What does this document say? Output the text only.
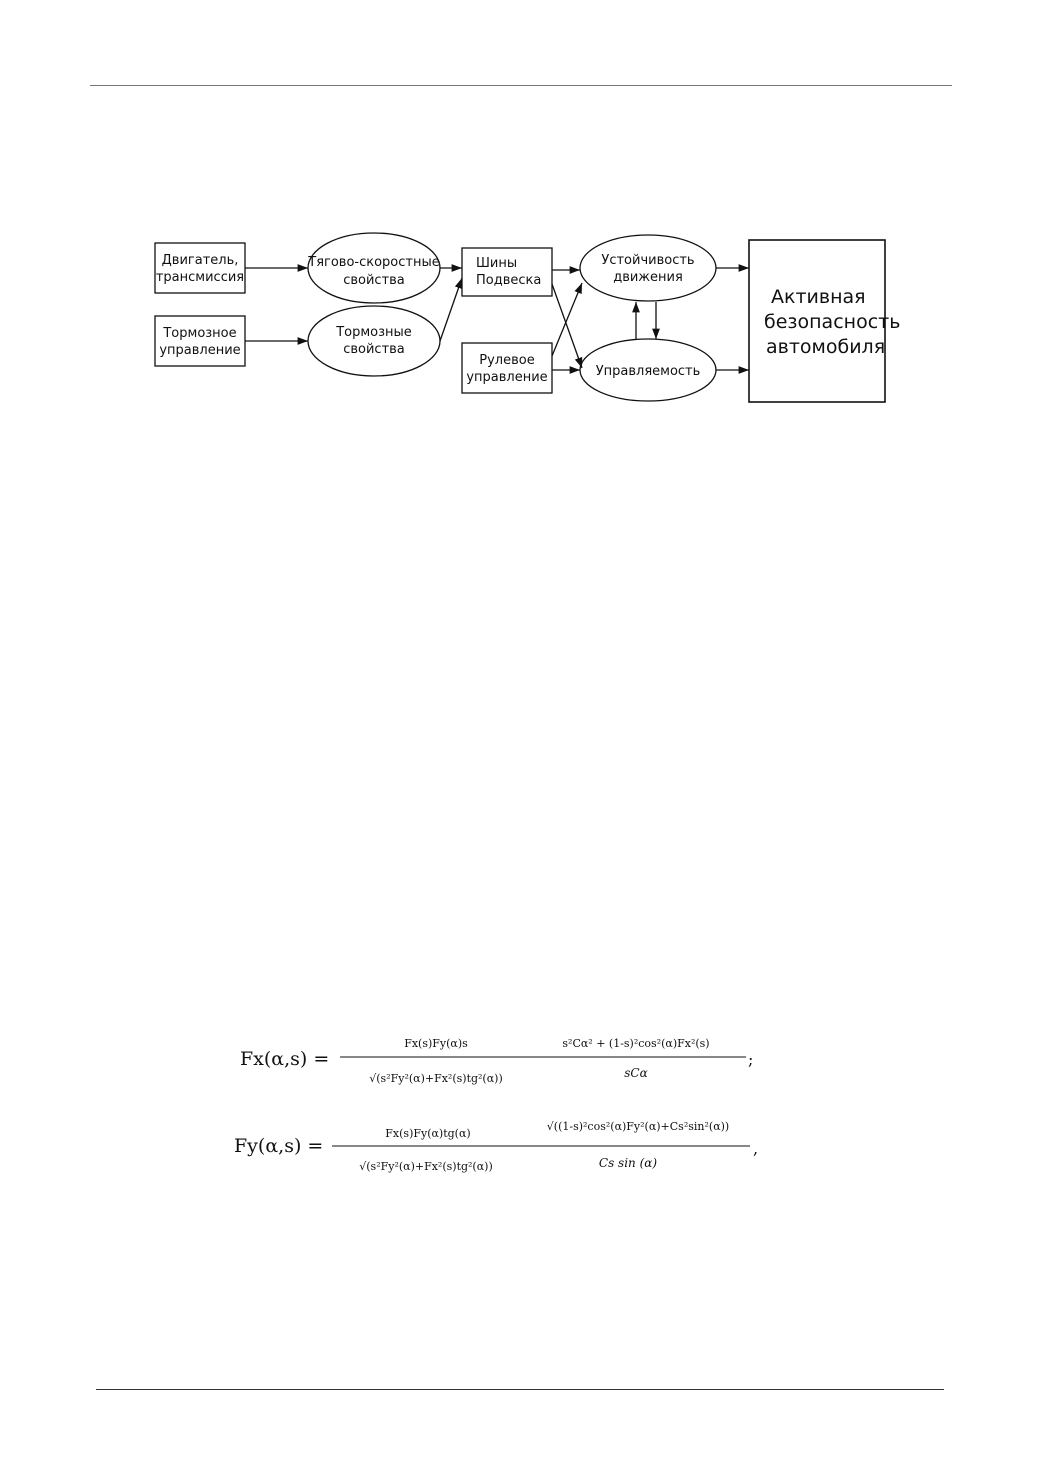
Двигатель,
трансмиссия
Тормозное
управление
Шины
Подвеска
Рулевое
управление
Активная
безопасность
автомобиля
Тягово-скоростные
свойства
Тормозные
свойства
Устойчивость
движения
Управляемость
Fx(α,s) =
Fx(s)Fy(α)s
√(s²Fy²(α)+Fx²(s)tg²(α))
s²Cα² + (1-s)²cos²(α)Fx²(s)
sCα
;
Fy(α,s) =
Fx(s)Fy(α)tg(α)
√(s²Fy²(α)+Fx²(s)tg²(α))
√((1-s)²cos²(α)Fy²(α)+Cs²sin²(α))
Cs sin (α)
,
